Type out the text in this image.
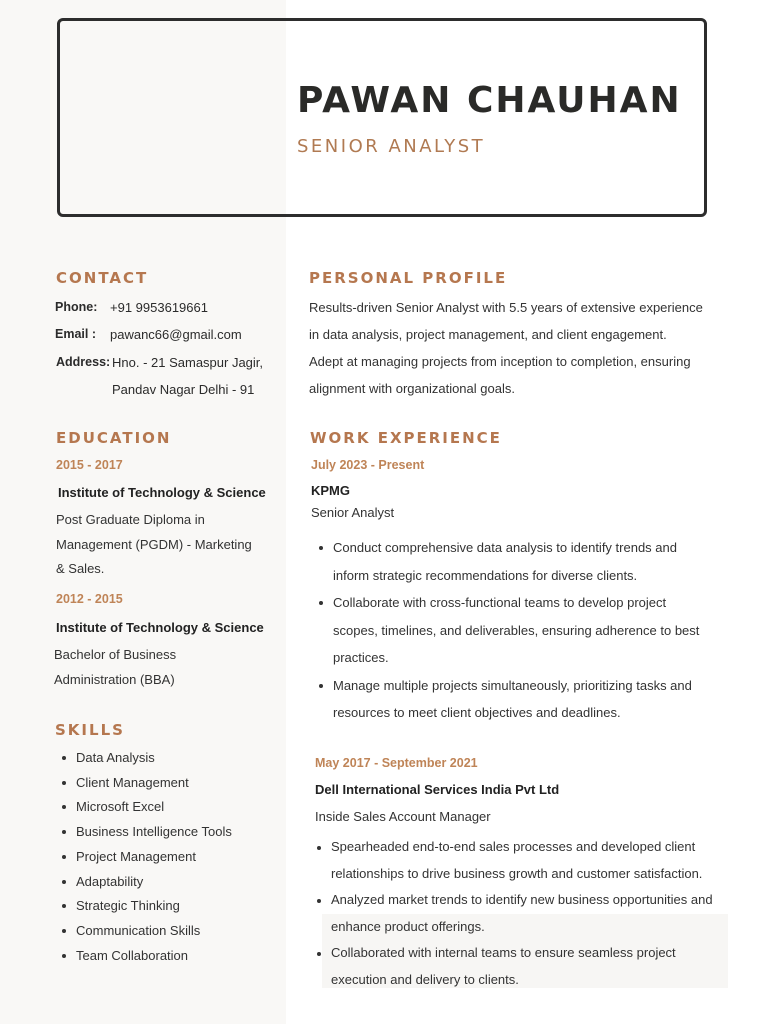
PAWAN CHAUHAN
SENIOR ANALYST
CONTACT
Phone: +91 9953619661
Email : pawanc66@gmail.com
Address: Hno. - 21 Samaspur Jagir,
Pandav Nagar Delhi - 91
EDUCATION
2015 - 2017
Institute of Technology & Science
Post Graduate Diploma in
Management (PGDM) - Marketing
& Sales.
2012 - 2015
Institute of Technology & Science
Bachelor of Business
Administration (BBA)
SKILLS
Data Analysis
Client Management
Microsoft Excel
Business Intelligence Tools
Project Management
Adaptability
Strategic Thinking
Communication Skills
Team Collaboration
PERSONAL PROFILE
Results-driven Senior Analyst with 5.5 years of extensive experience
in data analysis, project management, and client engagement.
Adept at managing projects from inception to completion, ensuring
alignment with organizational goals.
WORK EXPERIENCE
July 2023 - Present
KPMG
Senior Analyst
Conduct comprehensive data analysis to identify trends and
inform strategic recommendations for diverse clients.
Collaborate with cross-functional teams to develop project
scopes, timelines, and deliverables, ensuring adherence to best
practices.
Manage multiple projects simultaneously, prioritizing tasks and
resources to meet client objectives and deadlines.
May 2017 - September 2021
Dell International Services India Pvt Ltd
Inside Sales Account Manager
Spearheaded end-to-end sales processes and developed client
relationships to drive business growth and customer satisfaction.
Analyzed market trends to identify new business opportunities and
enhance product offerings.
Collaborated with internal teams to ensure seamless project
execution and delivery to clients.
